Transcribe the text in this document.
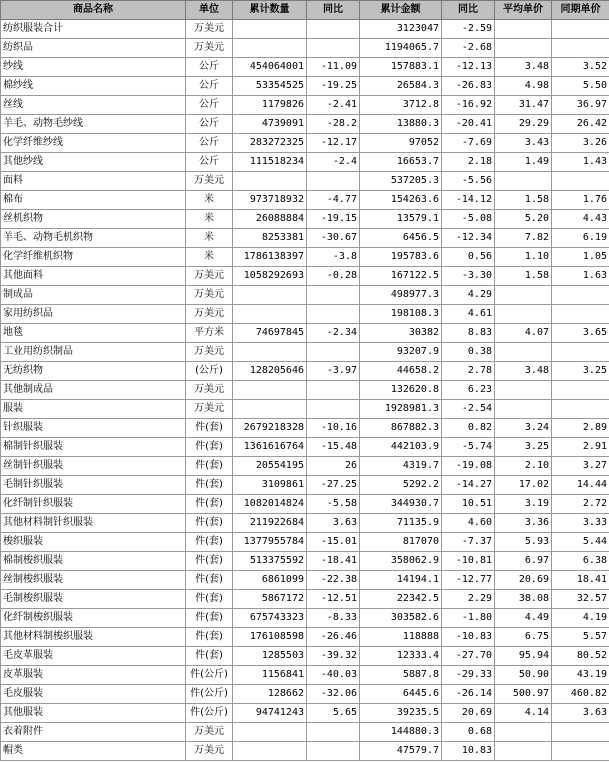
商品名称	单位	累计数量	同比	累计金额	同比	平均单价	同期单价
纺织服装合计	万美元			3123047	-2.59		
纺织品	万美元			1194065.7	-2.68		
纱线	公斤	454064001	-11.09	157883.1	-12.13	3.48	3.52
棉纱线	公斤	53354525	-19.25	26584.3	-26.83	4.98	5.50
丝线	公斤	1179826	-2.41	3712.8	-16.92	31.47	36.97
羊毛、动物毛纱线	公斤	4739091	-28.2	13880.3	-20.41	29.29	26.42
化学纤维纱线	公斤	283272325	-12.17	97052	-7.69	3.43	3.26
其他纱线	公斤	111518234	-2.4	16653.7	2.18	1.49	1.43
面料	万美元			537205.3	-5.56		
棉布	米	973718932	-4.77	154263.6	-14.12	1.58	1.76
丝机织物	米	26088884	-19.15	13579.1	-5.08	5.20	4.43
羊毛、动物毛机织物	米	8253381	-30.67	6456.5	-12.34	7.82	6.19
化学纤维机织物	米	1786138397	-3.8	195783.6	0.56	1.10	1.05
其他面料	万美元	1058292693	-0.28	167122.5	-3.30	1.58	1.63
制成品	万美元			498977.3	4.29		
家用纺织品	万美元			198108.3	4.61		
地毯	平方米	74697845	-2.34	30382	8.83	4.07	3.65
工业用纺织制品	万美元			93207.9	0.38		
无纺织物	(公斤)	128205646	-3.97	44658.2	2.78	3.48	3.25
其他制成品	万美元			132620.8	6.23		
服装	万美元			1928981.3	-2.54		
针织服装	件(套)	2679218328	-10.16	867882.3	0.82	3.24	2.89
棉制针织服装	件(套)	1361616764	-15.48	442103.9	-5.74	3.25	2.91
丝制针织服装	件(套)	20554195	26	4319.7	-19.08	2.10	3.27
毛制针织服装	件(套)	3109861	-27.25	5292.2	-14.27	17.02	14.44
化纤制针织服装	件(套)	1082014824	-5.58	344930.7	10.51	3.19	2.72
其他材料制针织服装	件(套)	211922684	3.63	71135.9	4.60	3.36	3.33
梭织服装	件(套)	1377955784	-15.01	817070	-7.37	5.93	5.44
棉制梭织服装	件(套)	513375592	-18.41	358062.9	-10.81	6.97	6.38
丝制梭织服装	件(套)	6861099	-22.38	14194.1	-12.77	20.69	18.41
毛制梭织服装	件(套)	5867172	-12.51	22342.5	2.29	38.08	32.57
化纤制梭织服装	件(套)	675743323	-8.33	303582.6	-1.80	4.49	4.19
其他材料制梭织服装	件(套)	176108598	-26.46	118888	-10.83	6.75	5.57
毛皮革服装	件(套)	1285503	-39.32	12333.4	-27.70	95.94	80.52
皮革服装	件(公斤)	1156841	-40.03	5887.8	-29.33	50.90	43.19
毛皮服装	件(公斤)	128662	-32.06	6445.6	-26.14	500.97	460.82
其他服装	件(公斤)	94741243	5.65	39235.5	20.69	4.14	3.63
衣着附件	万美元			144880.3	0.68		
帽类	万美元			47579.7	10.83		
